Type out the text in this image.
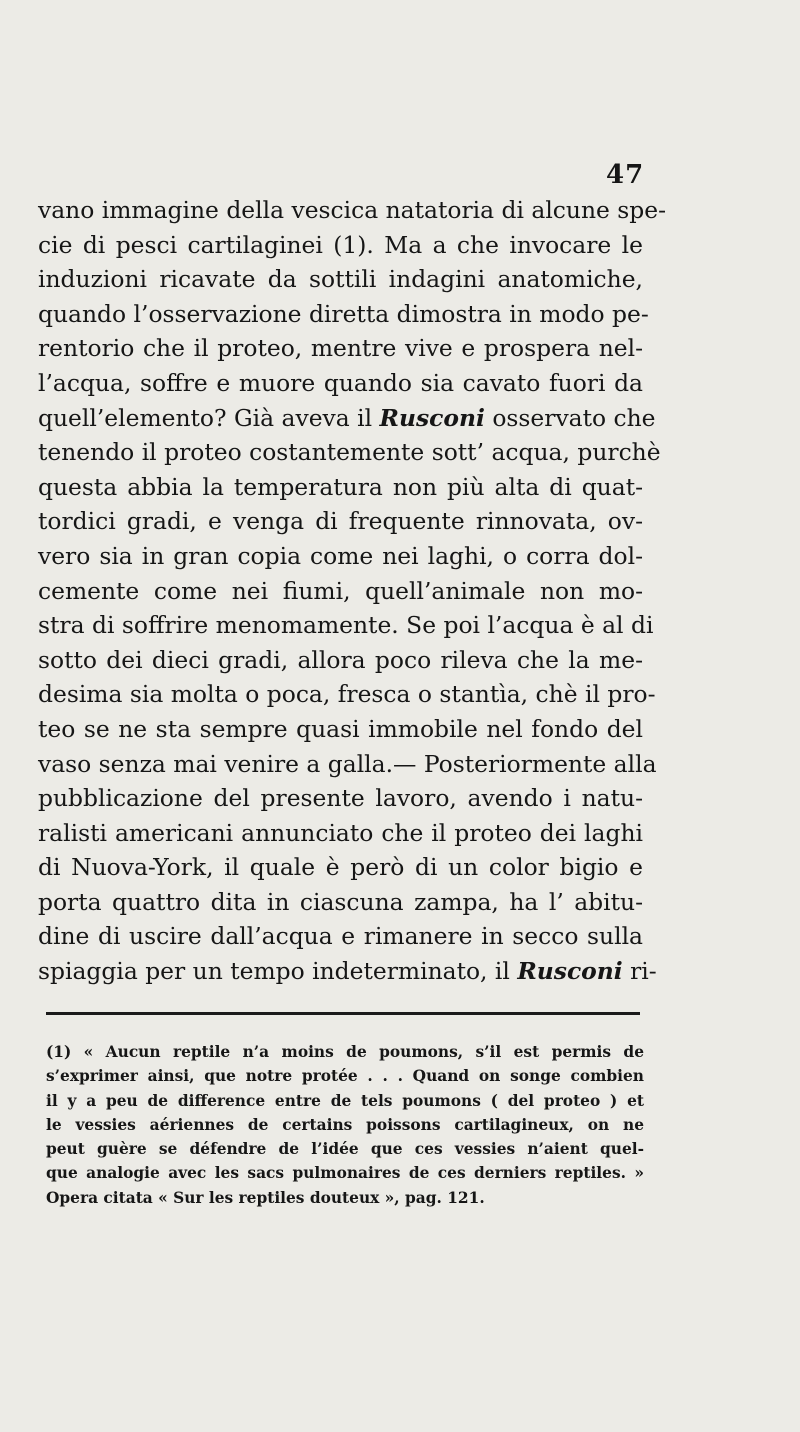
47
vano immagine della vescica natatoria di alcune spe-
cie di pesci cartilaginei (1). Ma a che invocare le
induzioni ricavate da sottili indagini anatomiche,
quando l’osservazione diretta dimostra in modo pe-
rentorio che il proteo, mentre vive e prospera nel-
l’acqua, soffre e muore quando sia cavato fuori da
quell’elemento? Già aveva il Rusconi osservato che
tenendo il proteo costantemente sott’ acqua, purchè
questa abbia la temperatura non più alta di quat-
tordici gradi, e venga di frequente rinnovata, ov-
vero sia in gran copia come nei laghi, o corra dol-
cemente come nei fiumi, quell’animale non mo-
stra di soffrire menomamente. Se poi l’acqua è al di
sotto dei dieci gradi, allora poco rileva che la me-
desima sia molta o poca, fresca o stantìa, chè il pro-
teo se ne sta sempre quasi immobile nel fondo del
vaso senza mai venire a galla.— Posteriormente alla
pubblicazione del presente lavoro, avendo i natu-
ralisti americani annunciato che il proteo dei laghi
di Nuova-York, il quale è però di un color bigio e
porta quattro dita in ciascuna zampa, ha l’ abitu-
dine di uscire dall’acqua e rimanere in secco sulla
spiaggia per un tempo indeterminato, il Rusconi ri-
(1) « Aucun reptile n’a moins de poumons, s’il est permis de
s’exprimer ainsi, que notre protée . . . Quand on songe combien
il y a peu de difference entre de tels poumons ( del proteo ) et
le vessies aériennes de certains poissons cartilagineux, on ne
peut guère se défendre de l’idée que ces vessies n’aient quel-
que analogie avec les sacs pulmonaires de ces derniers reptiles. »
Opera citata « Sur les reptiles douteux », pag. 121.
